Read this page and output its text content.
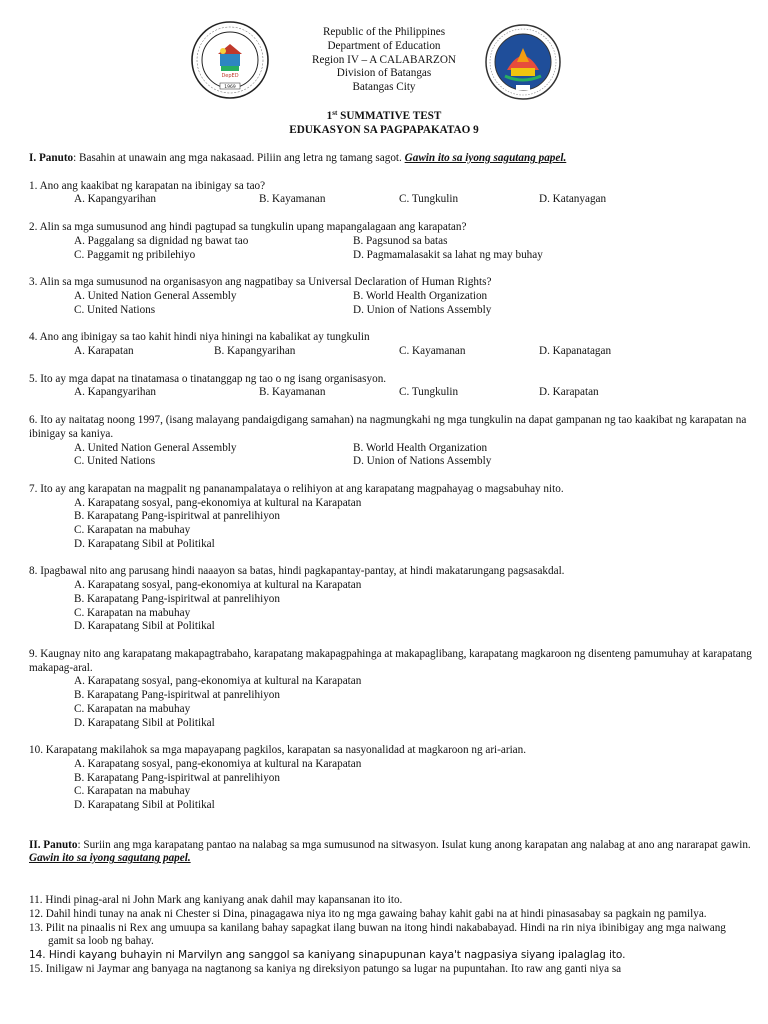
DepED
1969
Republic of the Philippines
Department of Education
Region IV – A CALABARZON
Division of Batangas
Batangas City
1st SUMMATIVE TEST
EDUKASYON SA PAGPAPAKATAO 9

I. Panuto: Basahin at unawain ang mga nakasaad. Piliin ang letra ng tamang sagot. Gawin ito sa iyong sagutang papel.

1. Ano ang kaakibat ng karapatan na ibinigay sa tao?
A. Kapangyarihan	B. Kayamanan	C. Tungkulin	D. Katanyagan
2. Alin sa mga sumusunod ang hindi pagtupad sa tungkulin upang mapangalagaan ang karapatan?
A. Paggalang sa dignidad ng bawat tao	B. Pagsunod sa batas
C. Paggamit ng pribilehiyo	D. Pagmamalasakit sa lahat ng may buhay
3. Alin sa mga sumusunod na organisasyon ang nagpatibay sa Universal Declaration of Human Rights?
A. United Nation General Assembly	B. World Health Organization
C. United Nations	D. Union of Nations Assembly
4. Ano ang ibinigay sa tao kahit hindi niya hiningi na kabalikat ay tungkulin
A. Karapatan	B. Kapangyarihan	C. Kayamanan	D. Kapanatagan
5. Ito ay mga dapat na tinatamasa o tinatanggap ng tao o ng isang organisasyon.
A. Kapangyarihan	B. Kayamanan	C. Tungkulin	D. Karapatan
6. Ito ay naitatag noong 1997, (isang malayang pandaigdigang samahan) na nagmungkahi ng mga tungkulin na dapat gampanan ng tao kaakibat ng karapatan na ibinigay sa kaniya.
A. United Nation General Assembly	B. World Health Organization
C. United Nations	D. Union of Nations Assembly
7. Ito ay ang karapatan na magpalit ng pananampalataya o relihiyon at ang karapatang magpahayag o magsabuhay nito.
A. Karapatang sosyal, pang-ekonomiya at kultural na Karapatan
B. Karapatang Pang-ispiritwal at panrelihiyon
C. Karapatan na mabuhay
D. Karapatang Sibil at Politikal
8. Ipagbawal nito ang parusang hindi naaayon sa batas, hindi pagkapantay-pantay, at hindi makatarungang pagsasakdal.
A. Karapatang sosyal, pang-ekonomiya at kultural na Karapatan
B. Karapatang Pang-ispiritwal at panrelihiyon
C. Karapatan na mabuhay
D. Karapatang Sibil at Politikal
9. Kaugnay nito ang karapatang makapagtrabaho, karapatang makapagpahinga at makapaglibang, karapatang magkaroon ng disenteng pamumuhay at karapatang makapag-aral.
A. Karapatang sosyal, pang-ekonomiya at kultural na Karapatan
B. Karapatang Pang-ispiritwal at panrelihiyon
C. Karapatan na mabuhay
D. Karapatang Sibil at Politikal
10. Karapatang makilahok sa mga mapayapang pagkilos, karapatan sa nasyonalidad at magkaroon ng ari-arian.
A. Karapatang sosyal, pang-ekonomiya at kultural na Karapatan
B. Karapatang Pang-ispiritwal at panrelihiyon
C. Karapatan na mabuhay
D. Karapatang Sibil at Politikal

II. Panuto: Suriin ang mga karapatang pantao na nalabag sa mga sumusunod na sitwasyon. Isulat kung anong karapatan ang nalabag at ano ang nararapat gawin. Gawin ito sa iyong sagutang papel.

11. Hindi pinag-aral ni John Mark ang kaniyang anak dahil may kapansanan ito ito.
12. Dahil hindi tunay na anak ni Chester si Dina, pinagagawa niya ito ng mga gawaing bahay kahit gabi na at hindi pinasasabay sa pagkain ng pamilya.
13. Pilit na pinaalis ni Rex ang umuupa sa kanilang bahay sapagkat ilang buwan na itong hindi nakababayad. Hindi na rin niya ibinibigay ang mga naiwang gamit sa loob ng bahay.
14. Hindi kayang buhayin ni Marvilyn ang sanggol sa kaniyang sinapupunan kaya't nagpasiya siyang ipalaglag ito.
15. Iniligaw ni Jaymar ang banyaga na nagtanong sa kaniya ng direksiyon patungo sa lugar na pupuntahan. Ito raw ang ganti niya sa
